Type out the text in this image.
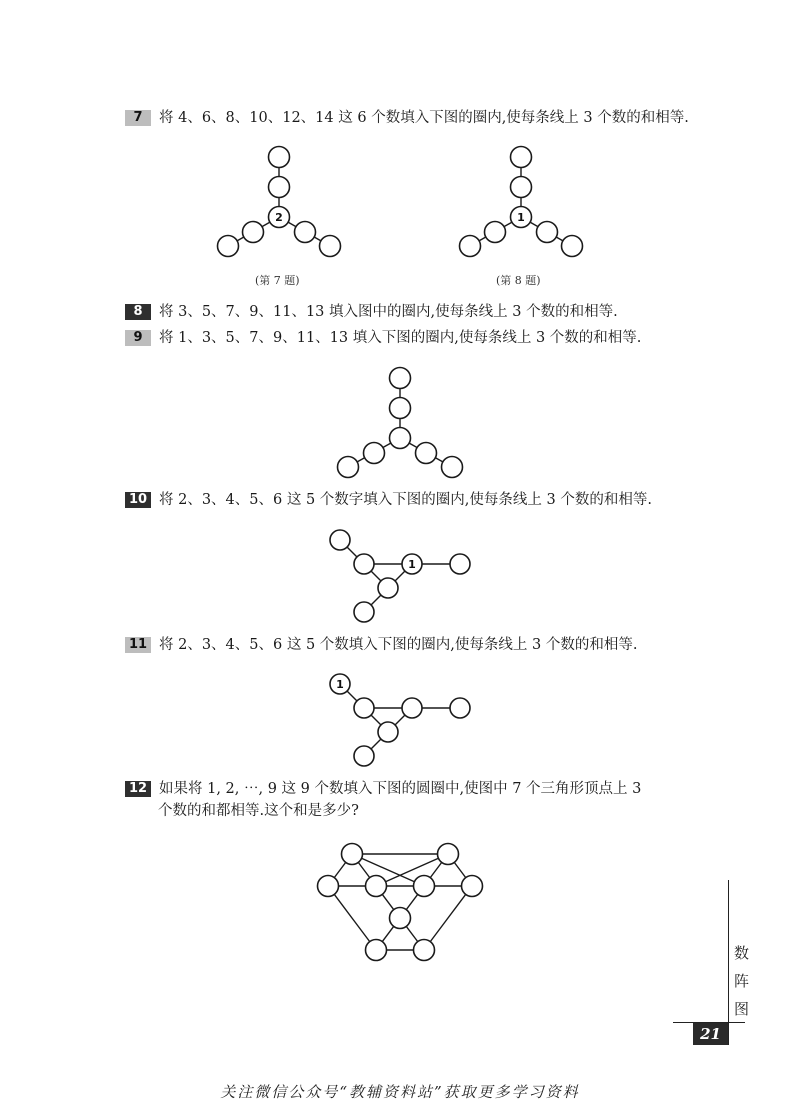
7 将 4、6、8、10、12、14 这 6 个数填入下图的圈内,使每条线上 3 个数的和相等.
2
(第 7 题)
1
(第 8 题)
8 将 3、5、7、9、11、13 填入图中的圈内,使每条线上 3 个数的和相等.
9 将 1、3、5、7、9、11、13 填入下图的圈内,使每条线上 3 个数的和相等.
10 将 2、3、4、5、6 这 5 个数字填入下图的圈内,使每条线上 3 个数的和相等.
1
11 将 2、3、4、5、6 这 5 个数填入下图的圈内,使每条线上 3 个数的和相等.
1
12 如果将 1, 2, ⋯, 9 这 9 个数填入下图的圆圈中,使图中 7 个三角形顶点上 3
个数的和都相等.这个和是多少?
数
阵
图
21
关注微信公众号“教辅资料站”获取更多学习资料
